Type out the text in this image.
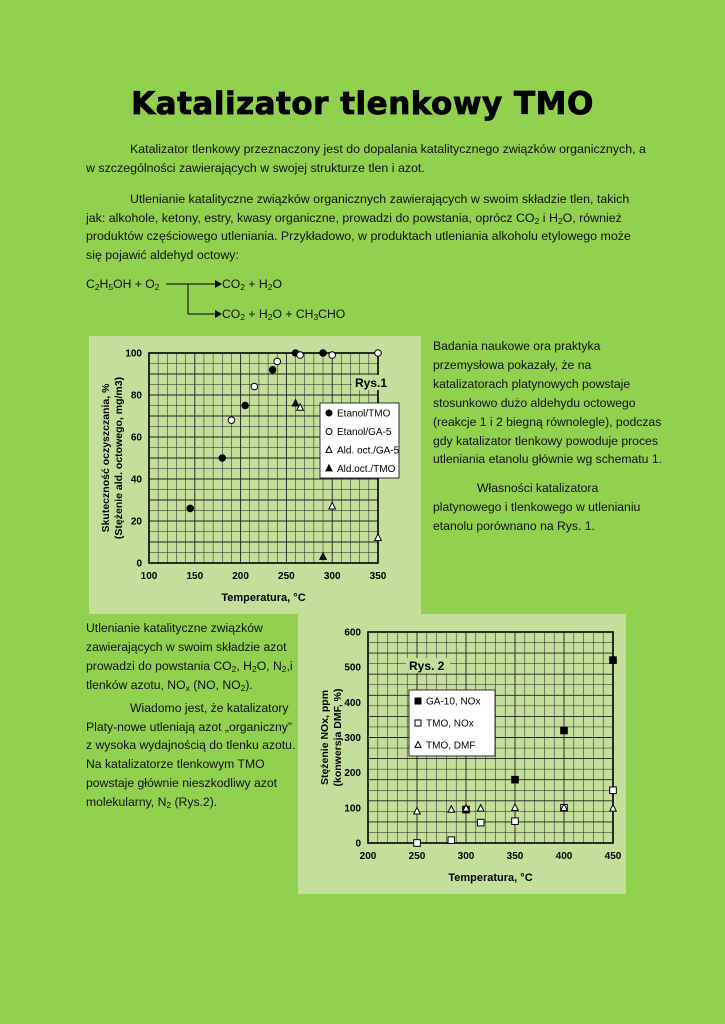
Katalizator tlenkowy TMO

Katalizator tlenkowy przeznaczony jest do dopalania katalitycznego związków organicznych, a w szczególności zawierających w swojej strukturze tlen i azot.

Utlenianie katalityczne związków organicznych zawierających w swoim składzie tlen, takich jak: alkohole, ketony, estry, kwasy organiczne, prowadzi do powstania, oprócz $CO_2$ i $H_2O$, również produktów częściowego utleniania. Przykładowo, w produktach utleniania alkoholu etylowego może się pojawić aldehyd octowy:

$C_2H_5OH + O_2$	$CO_2 + H_2O$
$CO_2 + H_2O + CH_3CHO$
100	150	200	250	300	350
0
20
40
60
80
100
Temperatura, °C
Skuteczność oczyszczania, % (Stężenie ald. octowego, mg/m3)	Rys.1
Etanol/TMO
Etanol/GA-5
Ald. oct./GA-5
Ald.oct./TMO

Badania naukowe ora praktyka przemysłowa pokazały, że na katalizatorach platynowych powstaje stosunkowo dużo aldehydu octowego (reakcje 1 i 2 biegną równolegle), podczas gdy katalizator tlenkowy powoduje proces utleniania etanolu głównie wg schematu 1.

Własności katalizatora platynowego i tlenkowego w utlenianiu etanolu porównano na Rys. 1.

Utlenianie katalityczne związków zawierających w swoim składzie azot prowadzi do powstania $CO_2$, $H_2O$, $N_2,i$ tlenków azotu, $NO_x$ (NO, $NO_2$).

Wiadomo jest, że katalizatory Platy-nowe utleniają azot „organiczny” z wysoka wydajnością do tlenku azotu. Na katalizatorze tlenkowym TMO powstaje głównie nieszkodliwy azot molekularny, $N_2$ (Rys.2).

200	250	300	350	400	450
0
100
200
300
400
500
600
Temperatura, °C
Stężenie NOx, ppm (konwersja DMF, %)
Rys. 2
GA-10, NOx
TMO, NOx
TMO, DMF
